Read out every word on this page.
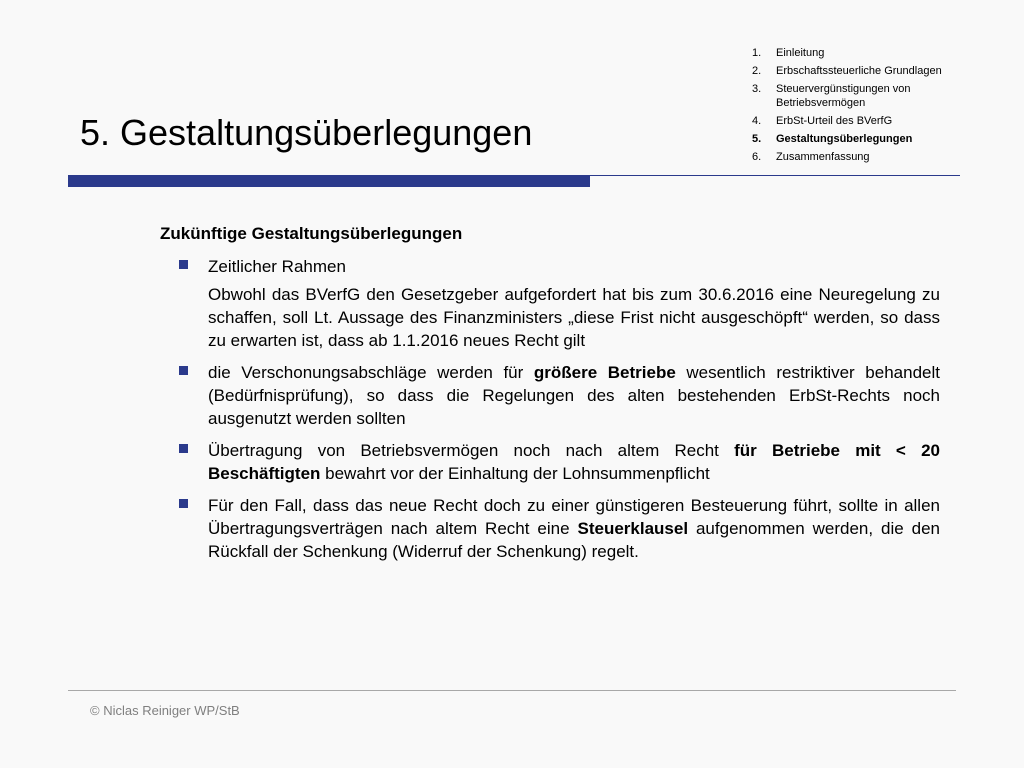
1. Einleitung
2. Erbschaftssteuerliche Grundlagen
3. Steuervergünstigungen von Betriebsvermögen
4. ErbSt-Urteil des BVerfG
5. Gestaltungsüberlegungen
6. Zusammenfassung
5. Gestaltungsüberlegungen

Zukünftige Gestaltungsüberlegungen

Zeitlicher Rahmen

Obwohl das BVerfG den Gesetzgeber aufgefordert hat bis zum 30.6.2016 eine Neuregelung zu schaffen, soll Lt. Aussage des Finanzministers „diese Frist nicht ausgeschöpft“ werden, so dass zu erwarten ist, dass ab 1.1.2016 neues Recht gilt

die Verschonungsabschläge werden für größere Betriebe wesentlich restriktiver behandelt (Bedürfnisprüfung), so dass die Regelungen des alten bestehenden ErbSt-Rechts noch ausgenutzt werden sollten

Übertragung von Betriebsvermögen noch nach altem Recht für Betriebe mit < 20 Beschäftigten bewahrt vor der Einhaltung der Lohnsummenpflicht

Für den Fall, dass das neue Recht doch zu einer günstigeren Besteuerung führt, sollte in allen Übertragungsverträgen nach altem Recht eine Steuerklausel aufgenommen werden, die den Rückfall der Schenkung (Widerruf der Schenkung) regelt.

© Niclas Reiniger WP/StB
